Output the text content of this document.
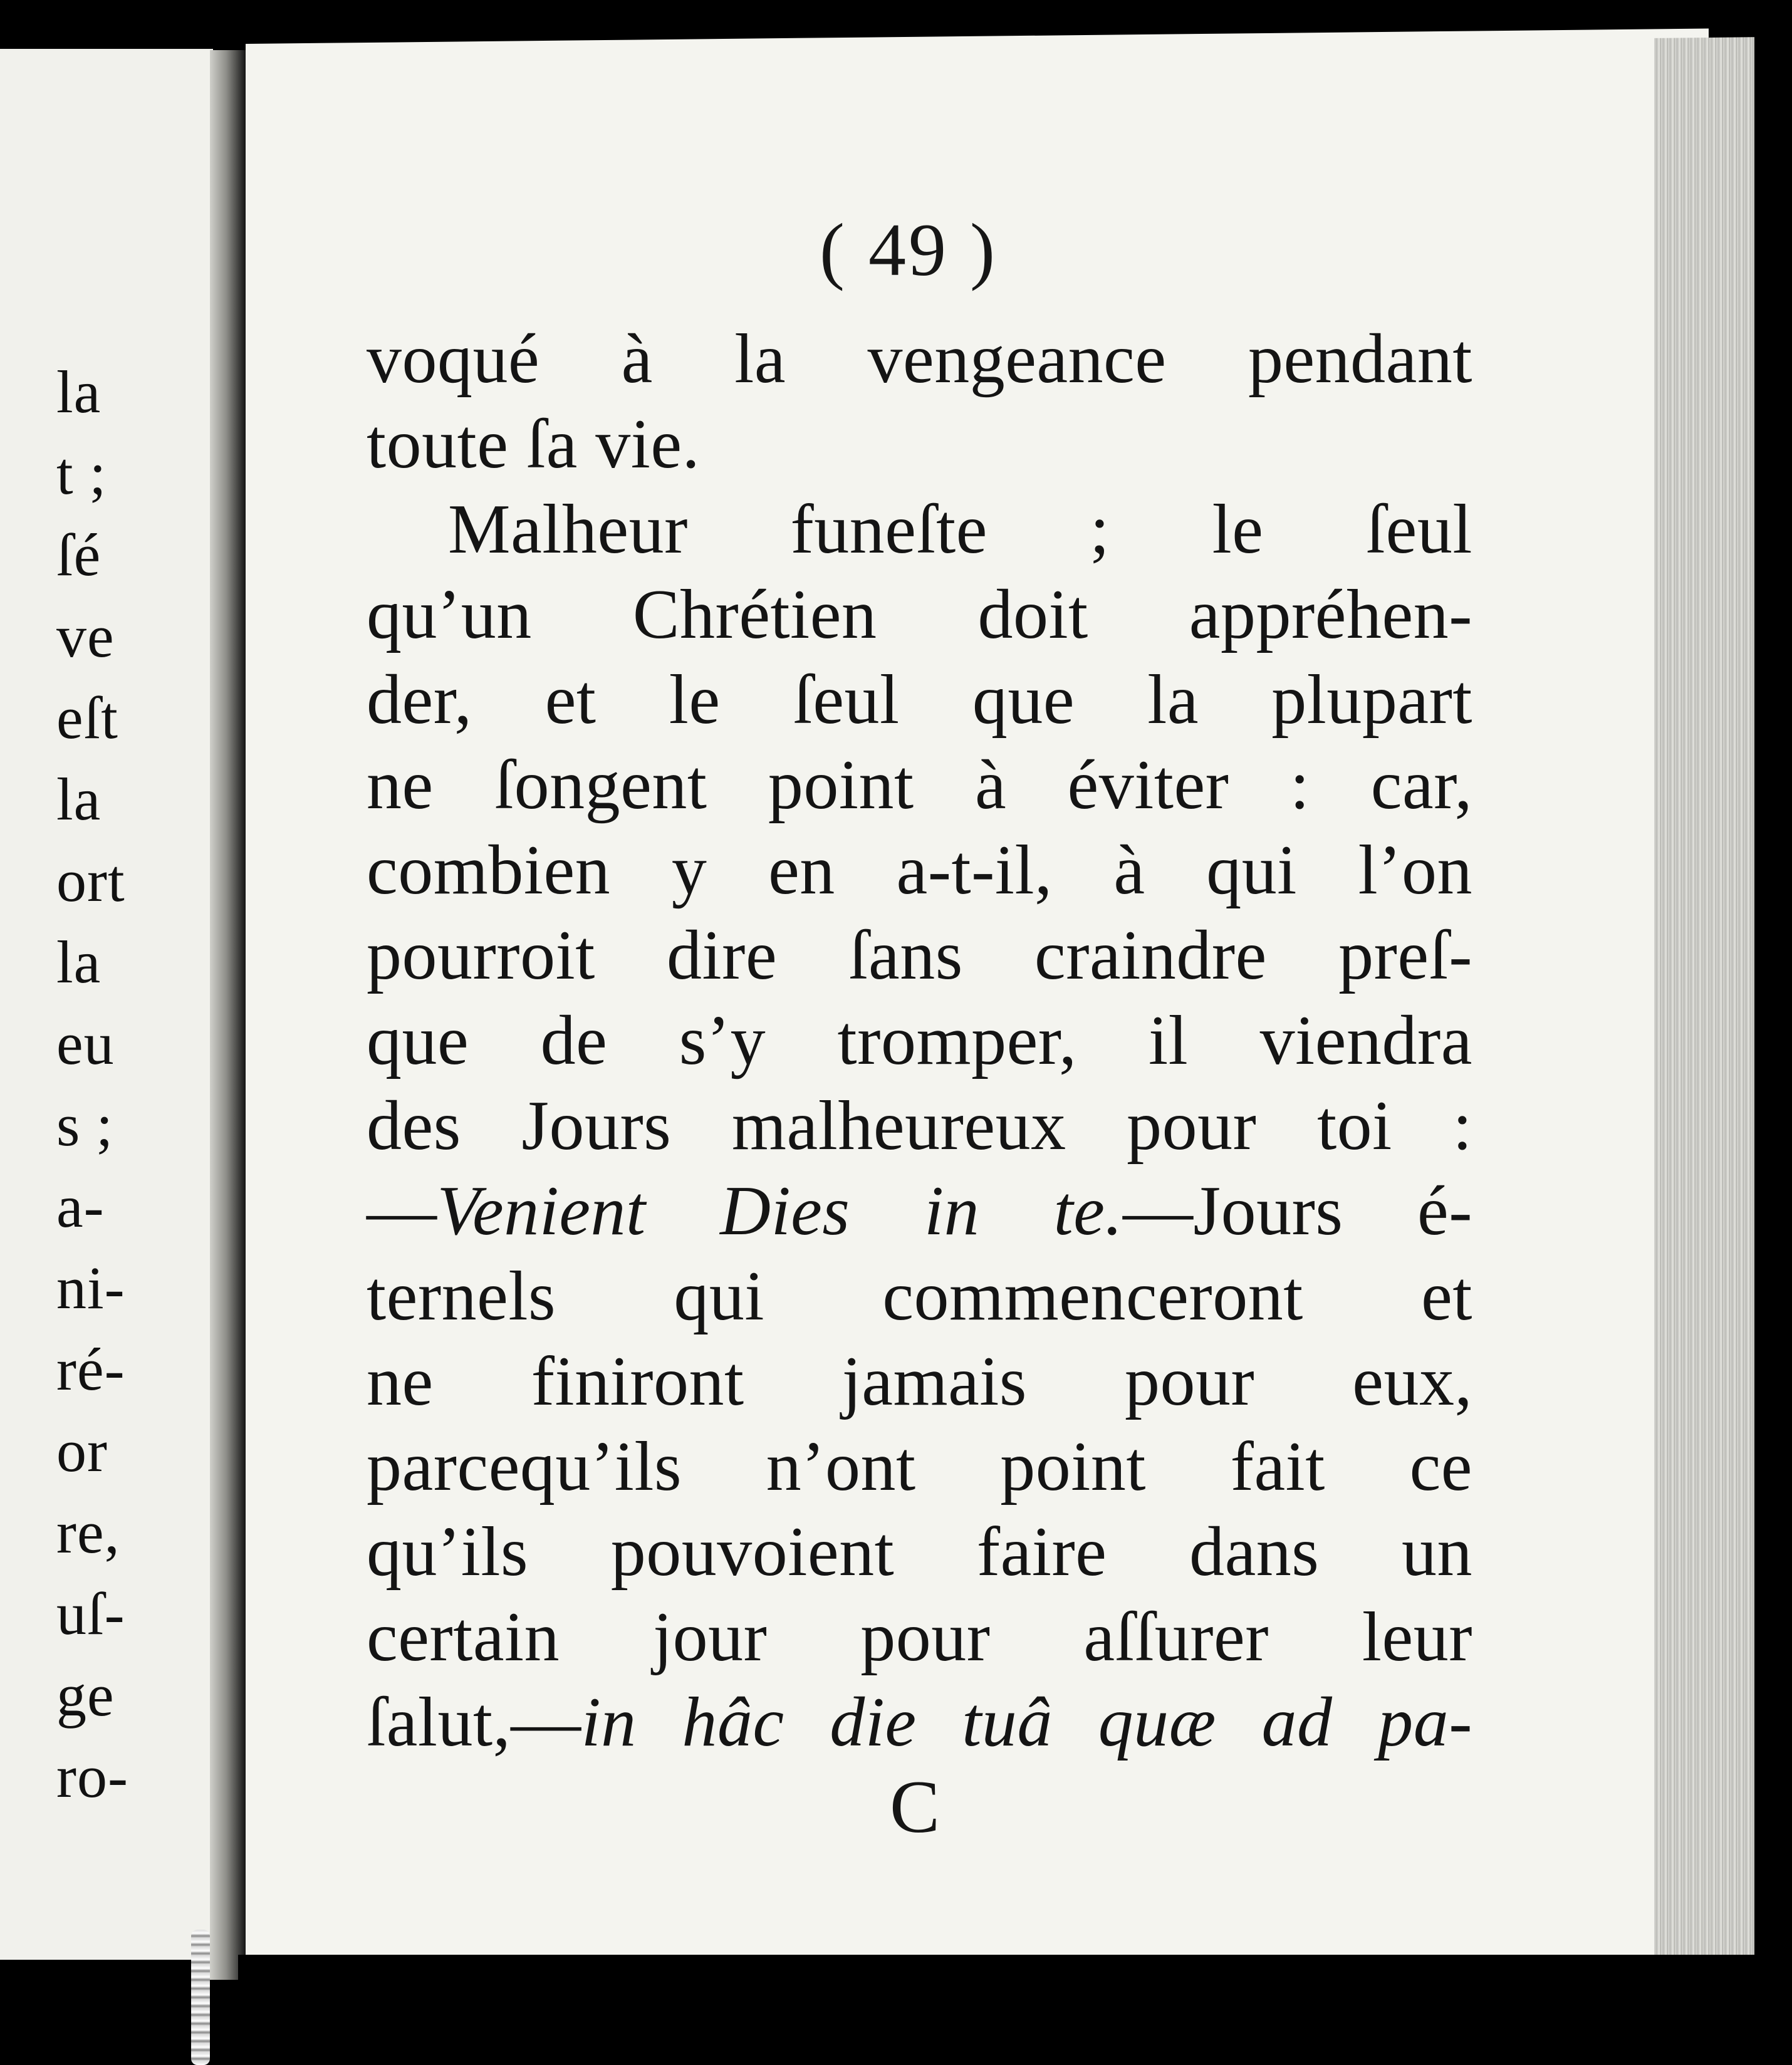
la
t ;
ſé
ve
eſt
la
ort
la
eu
s ;
a-
ni-
ré-
or
re,
uſ-
ge
ro-
( 49 )
voqué à la vengeance pendant
toute ſa vie.
Malheur funeſte ; le ſeul
qu’un Chrétien doit appréhen-
der, et le ſeul que la plupart
ne ſongent point à éviter : car,
combien y en a-t-il, à qui l’on
pourroit dire ſans craindre preſ-
que de s’y tromper, il viendra
des Jours malheureux pour toi :
—Venient Dies in te.—Jours é-
ternels qui commenceront et
ne finiront jamais pour eux,
parcequ’ils n’ont point fait ce
qu’ils pouvoient faire dans un
certain jour pour aſſurer leur
ſalut,—in hâc die tuâ quæ ad pa-
C
